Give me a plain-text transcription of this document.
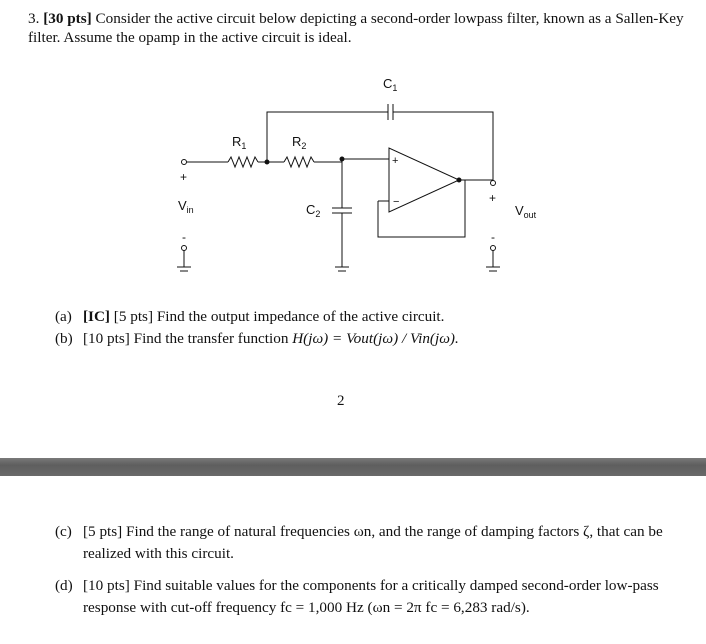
3. [30 pts] Consider the active circuit below depicting a second-order lowpass filter, known as a Sallen-Key filter. Assume the opamp in the active circuit is ideal.
$R_1$	$R_2$
$C_1$
$C_2$
$V_{in}$	$V_{out}$
+
−
+
-
+
-
(a) [IC] [5 pts] Find the output impedance of the active circuit.
(b) [10 pts] Find the transfer function H(jω) = Vout(jω) / Vin(jω).
2
(c) [5 pts] Find the range of natural frequencies ωn, and the range of damping factors ζ, that can be realized with this circuit.
(d) [10 pts] Find suitable values for the components for a critically damped second-order low-pass response with cut-off frequency fc = 1,000 Hz (ωn = 2π fc = 6,283 rad/s).
